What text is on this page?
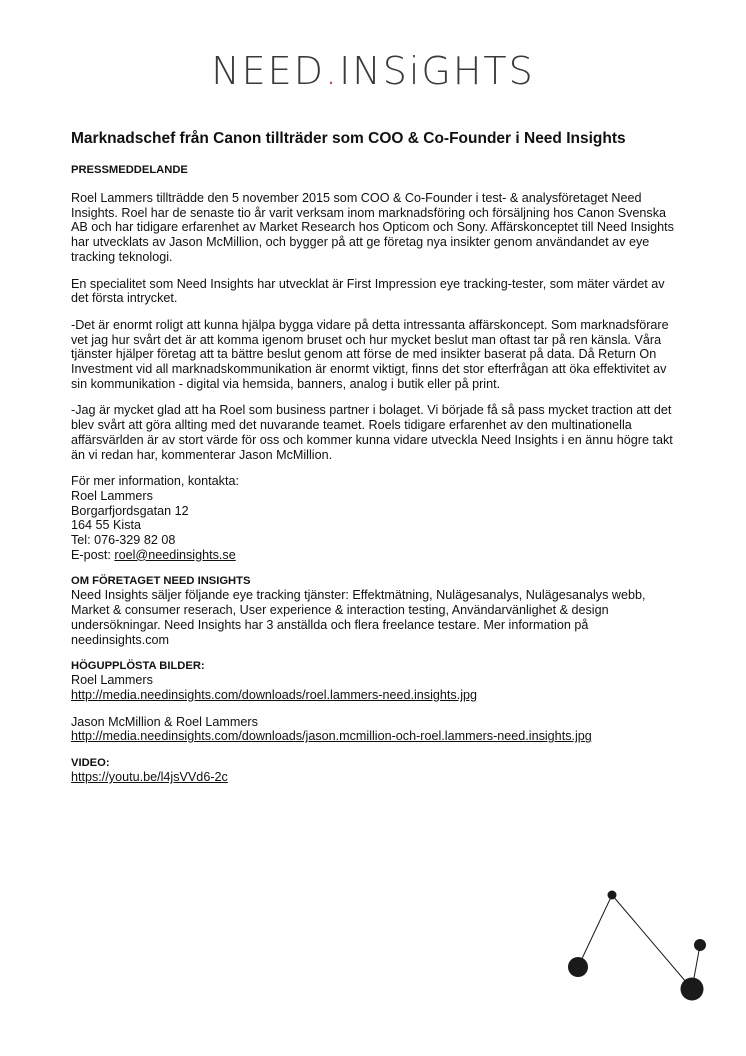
NEED.INSiGHTS
Marknadschef från Canon tillträder som COO & Co-Founder i Need Insights
PRESSMEDDELANDE

Roel Lammers tillträdde den 5 november 2015 som COO & Co-Founder i test- & analysföretaget Need Insights. Roel har de senaste tio år varit verksam inom marknadsföring och försäljning hos Canon Svenska AB och har tidigare erfarenhet av Market Research hos Opticom och Sony. Affärskonceptet till Need Insights har utvecklats av Jason McMillion, och bygger på att ge företag nya insikter genom användandet av eye tracking teknologi.

En specialitet som Need Insights har utvecklat är First Impression eye tracking-tester, som mäter värdet av det första intrycket.

-Det är enormt roligt att kunna hjälpa bygga vidare på detta intressanta affärskoncept. Som marknadsförare vet jag hur svårt det är att komma igenom bruset och hur mycket beslut man oftast tar på ren känsla. Våra tjänster hjälper företag att ta bättre beslut genom att förse de med insikter baserat på data. Då Return On Investment vid all marknadskommunikation är enormt viktigt, finns det stor efterfrågan att öka effektivitet av sin kommunikation - digital via hemsida, banners, analog i butik eller på print.

-Jag är mycket glad att ha Roel som business partner i bolaget. Vi började få så pass mycket traction att det blev svårt att göra allting med det nuvarande teamet. Roels tidigare erfarenhet av den multinationella affärsvärlden är av stort värde för oss och kommer kunna vidare utveckla Need Insights i en ännu högre takt än vi redan har, kommenterar Jason McMillion.

För mer information, kontakta:
Roel Lammers
Borgarfjordsgatan 12
164 55 Kista
Tel: 076-329 82 08
E-post: roel@needinsights.se
OM FÖRETAGET NEED INSIGHTS

Need Insights säljer följande eye tracking tjänster: Effektmätning, Nulägesanalys, Nulägesanalys webb, Market & consumer reserach, User experience & interaction testing, Användarvänlighet & design undersökningar. Need Insights har 3 anställda och flera freelance testare. Mer information på needinsights.com

HÖGUPPLÖSTA BILDER:
Roel Lammers
http://media.needinsights.com/downloads/roel.lammers-need.insights.jpg
Jason McMillion & Roel Lammers
http://media.needinsights.com/downloads/jason.mcmillion-och-roel.lammers-need.insights.jpg
VIDEO:
https://youtu.be/l4jsVVd6-2c
